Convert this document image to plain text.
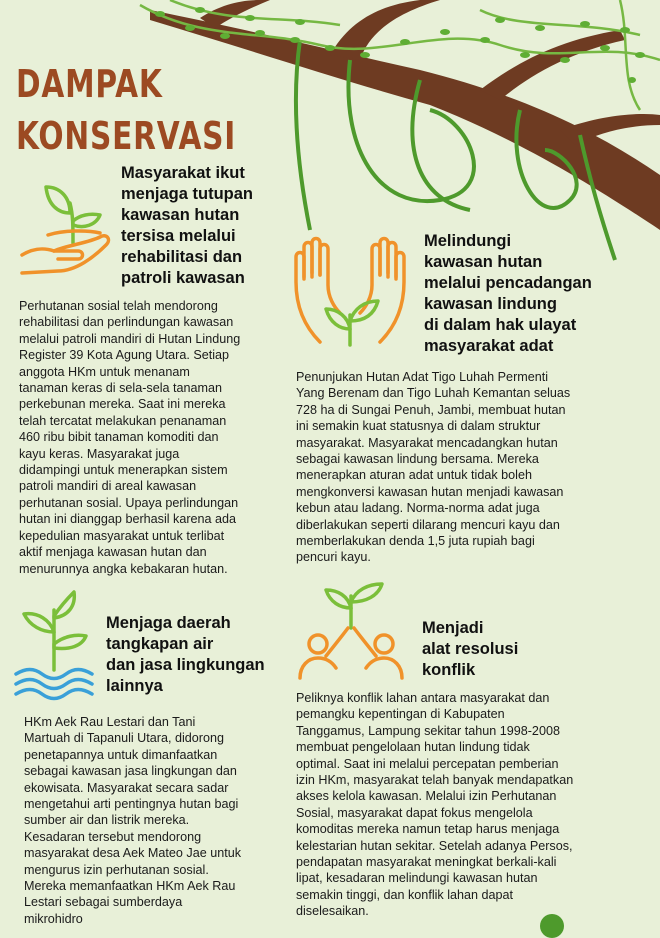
DAMPAK
KONSERVASI
Masyarakat ikut
menjaga tutupan
kawasan hutan
tersisa melalui
rehabilitasi dan
patroli kawasan
Perhutanan sosial telah mendorong
rehabilitasi dan perlindungan kawasan
melalui patroli mandiri di Hutan Lindung
Register 39 Kota Agung Utara. Setiap
anggota HKm untuk menanam
tanaman keras di sela-sela tanaman
perkebunan mereka. Saat ini mereka
telah tercatat melakukan penanaman
460 ribu bibit tanaman komoditi dan
kayu keras. Masyarakat juga
didampingi untuk menerapkan sistem
patroli mandiri di areal kawasan
perhutanan sosial. Upaya perlindungan
hutan ini dianggap berhasil karena ada
kepedulian masyarakat untuk terlibat
aktif menjaga kawasan hutan dan
menurunnya angka kebakaran hutan.
Melindungi
kawasan hutan
melalui pencadangan
kawasan lindung
di dalam hak ulayat
masyarakat adat
Penunjukan Hutan Adat Tigo Luhah Permenti
Yang Berenam dan Tigo Luhah Kemantan seluas
728 ha di Sungai Penuh, Jambi, membuat hutan
ini semakin kuat statusnya di dalam struktur
masyarakat. Masyarakat mencadangkan hutan
sebagai kawasan lindung bersama. Mereka
menerapkan aturan adat untuk tidak boleh
mengkonversi kawasan hutan menjadi kawasan
kebun atau ladang. Norma-norma adat juga
diberlakukan seperti dilarang mencuri kayu dan
memberlakukan denda 1,5 juta rupiah bagi
pencuri kayu.
Menjaga daerah
tangkapan air
dan jasa lingkungan
lainnya
HKm Aek Rau Lestari dan Tani
Martuah di Tapanuli Utara, didorong
penetapannya untuk dimanfaatkan
sebagai kawasan jasa lingkungan dan
ekowisata. Masyarakat secara sadar
mengetahui arti pentingnya hutan bagi
sumber air dan listrik mereka.
Kesadaran tersebut mendorong
masyarakat desa Aek Mateo Jae untuk
mengurus izin perhutanan sosial.
Mereka memanfaatkan HKm Aek Rau
Lestari sebagai sumberdaya
mikrohidro
Menjadi
alat resolusi
konflik
Peliknya konflik lahan antara masyarakat dan
pemangku kepentingan di Kabupaten
Tanggamus, Lampung sekitar tahun 1998-2008
membuat pengelolaan hutan lindung tidak
optimal. Saat ini melalui percepatan pemberian
izin HKm, masyarakat telah banyak mendapatkan
akses kelola kawasan. Melalui izin Perhutanan
Sosial, masyarakat dapat fokus mengelola
komoditas mereka namun tetap harus menjaga
kelestarian hutan sekitar. Setelah adanya Persos,
pendapatan masyarakat meningkat berkali-kali
lipat, kesadaran melindungi kawasan hutan
semakin tinggi, dan konflik lahan dapat
diselesaikan.
